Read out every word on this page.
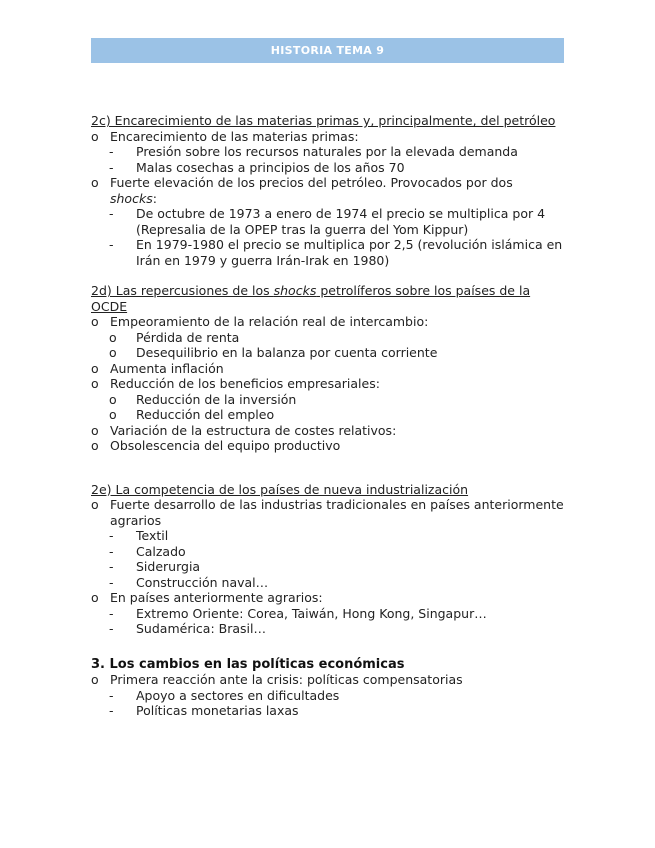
HISTORIA TEMA 9
2c) Encarecimiento de las materias primas y, principalmente, del petróleo
o Encarecimiento de las materias primas:
-	Presión sobre los recursos naturales por la elevada demanda
-	Malas cosechas a principios de los años 70
o Fuerte elevación de los precios del petróleo. Provocados por dos
shocks:
-	De octubre de 1973 a enero de 1974 el precio se multiplica por 4 (Represalia de la OPEP tras la guerra del Yom Kippur)
-	En 1979-1980 el precio se multiplica por 2,5 (revolución islámica en Irán en 1979 y guerra Irán-Irak en 1980)
2d) Las repercusiones de los shocks petrolíferos sobre los países de la OCDE
o Empeoramiento de la relación real de intercambio:
o	Pérdida de renta
o	Desequilibrio en la balanza por cuenta corriente
o Aumenta inflación
o Reducción de los beneficios empresariales:
o	Reducción de la inversión
o	Reducción del empleo
o Variación de la estructura de costes relativos:
o Obsolescencia del equipo productivo
2e) La competencia de los países de nueva industrialización
o Fuerte desarrollo de las industrias tradicionales en países anteriormente agrarios
-	Textil
-	Calzado
-	Siderurgia
-	Construcción naval…
o En países anteriormente agrarios:
-	Extremo Oriente: Corea, Taiwán, Hong Kong, Singapur…
-	Sudamérica: Brasil…
3. Los cambios en las políticas económicas
o Primera reacción ante la crisis: políticas compensatorias
-	Apoyo a sectores en dificultades
-	Políticas monetarias laxas
